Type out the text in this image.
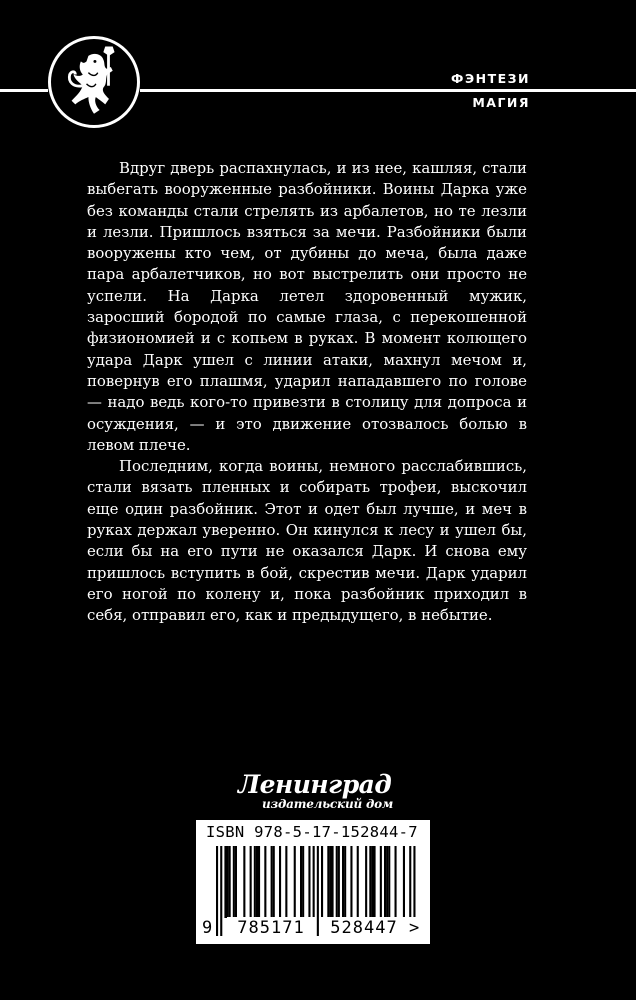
ФЭНТЕЗИ
МАГИЯ

Вдруг дверь распахнулась, и из нее, кашляя, стали выбегать вооруженные разбойники. Воины Дарка уже без команды стали стрелять из арбалетов, но те лезли и лезли. Пришлось взяться за мечи. Разбойники были вооружены кто чем, от дубины до меча, была даже пара арбалетчиков, но вот выстрелить они просто не успели. На Дарка летел здоровенный мужик, заросший бородой по самые глаза, с перекошенной физиономией и с копьем в руках. В момент колющего удара Дарк ушел с линии атаки, махнул мечом и, повернув его плашмя, ударил нападавшего по голове — надо ведь кого-то привезти в столицу для допроса и осуждения, — и это движение отозвалось болью в левом плече.

Последним, когда воины, немного расслабившись, стали вязать пленных и собирать трофеи, выскочил еще один разбойник. Этот и одет был лучше, и меч в руках держал уверенно. Он кинулся к лесу и ушел бы, если бы на его пути не оказался Дарк. И снова ему пришлось вступить в бой, скрестив мечи. Дарк ударил его ногой по колену и, пока разбойник приходил в себя, отправил его, как и предыдущего, в небытие.

Ленинград
издательский дом
ISBN 978-5-17-152844-7
9	785171	528447 >
